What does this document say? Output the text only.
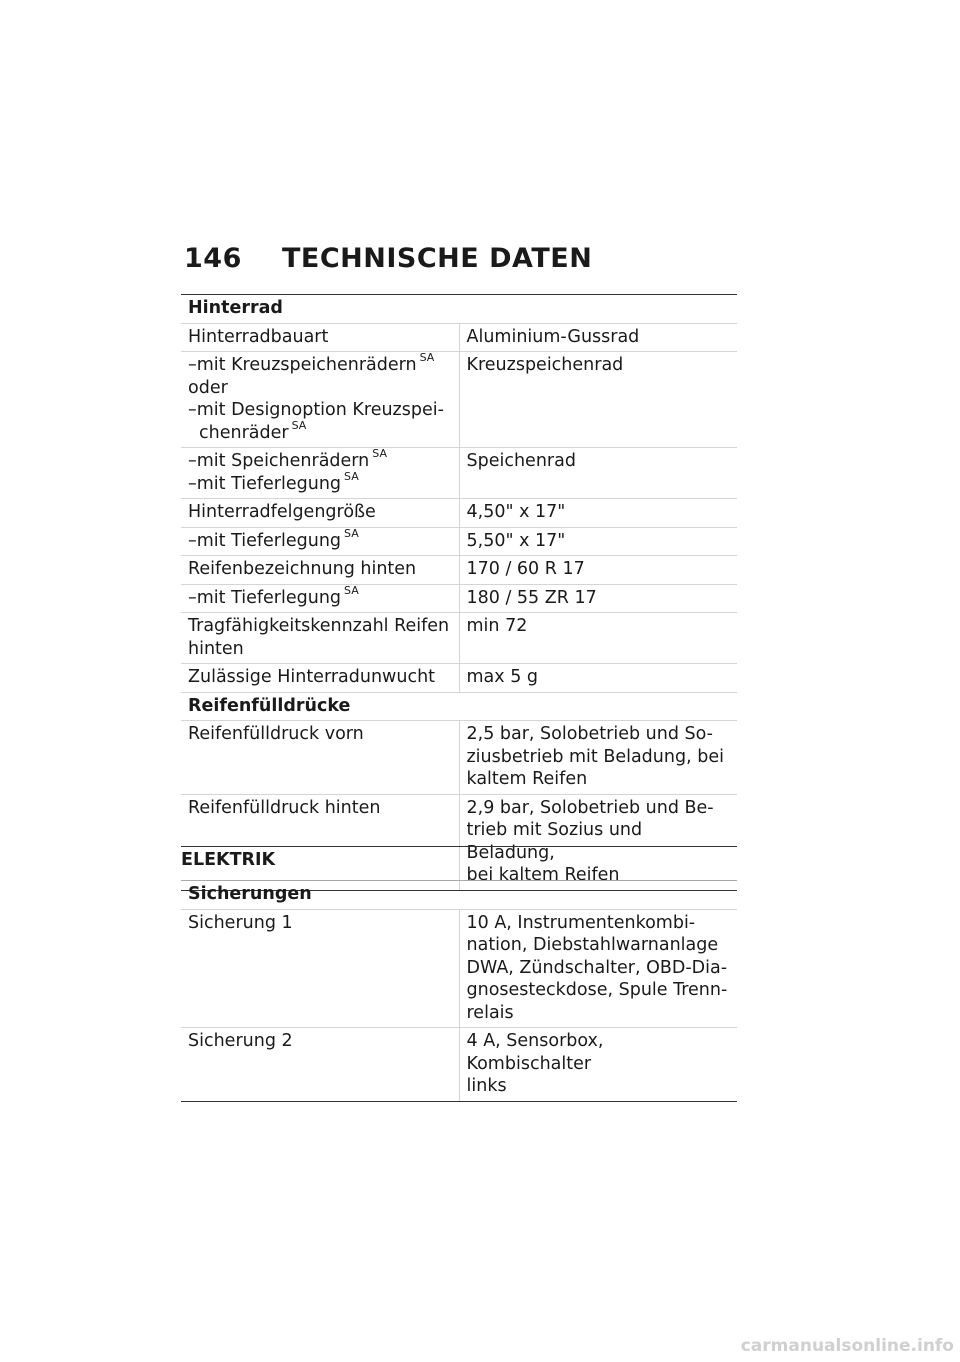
146 TECHNISCHE DATEN
Hinterrad	
Hinterradbauart	Aluminium-Gussrad

–mit Kreuzspeichenrädern $^{SA}$
oder
–mit Designoption Kreuzspei-
chenräder $^{SA}$	Kreuzspeichenrad

–mit Speichenrädern $^{SA}$
–mit Tieferlegung $^{SA}$	Speichenrad
Hinterradfelgengröße	4,50" x 17"
–mit Tieferlegung $^{SA}$	5,50" x 17"
Reifenbezeichnung hinten	170 / 60 R 17
–mit Tieferlegung $^{SA}$	180 / 55 ZR 17

Tragfähigkeitskennzahl Reifen
hinten	min 72
Zulässige Hinterradunwucht	max 5 g
Reifenfülldrücke	
Reifenfülldruck vorn	2,5 bar, Solobetrieb und So-
ziusbetrieb mit Beladung, bei
kaltem Reifen

Reifenfülldruck hinten	2,9 bar, Solobetrieb und Be-
trieb mit Sozius und Beladung,
bei kaltem Reifen
ELEKTRIK
Sicherungen	
Sicherung 1	10 A, Instrumentenkombi-
nation, Diebstahlwarnanlage
DWA, Zündschalter, OBD-Dia-
gnosesteckdose, Spule Trenn-
relais

Sicherung 2	4 A, Sensorbox, Kombischalter
links
carmanualsonline.info
